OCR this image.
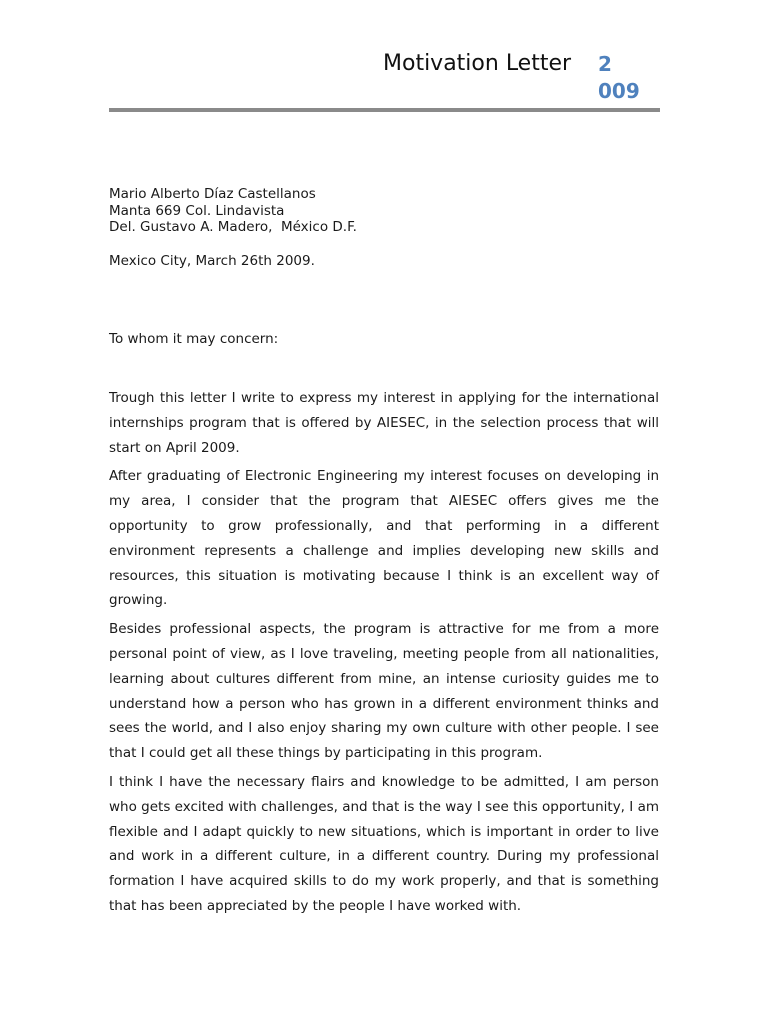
Motivation Letter 2
009
Mario Alberto Díaz Castellanos
Manta 669 Col. Lindavista
Del. Gustavo A. Madero,  México D.F.
Mexico City, March 26th 2009.
To whom it may concern:

Trough this letter I write to express my interest in applying for the international internships program that is offered by AIESEC, in the selection process that will start on April 2009.

After graduating of Electronic Engineering my interest focuses on developing in my area, I consider that the program that AIESEC offers gives me the opportunity to grow professionally, and that performing in a different environment represents a challenge and implies developing new skills and resources, this situation is motivating because I think is an excellent way of growing.

Besides professional aspects, the program is attractive for me from a more personal point of view, as I love traveling, meeting people from all nationalities, learning about cultures different from mine, an intense curiosity guides me to understand how a person who has grown in a different environment thinks and sees the world, and I also enjoy sharing my own culture with other people. I see that I could get all these things by participating in this program.

I think I have the necessary flairs and knowledge to be admitted, I am person who gets excited with challenges, and that is the way I see this opportunity, I am flexible and I adapt quickly to new situations, which is important in order to live and work in a different culture, in a different country. During my professional formation I have acquired skills to do my work properly, and that is something that has been appreciated by the people I have worked with.
